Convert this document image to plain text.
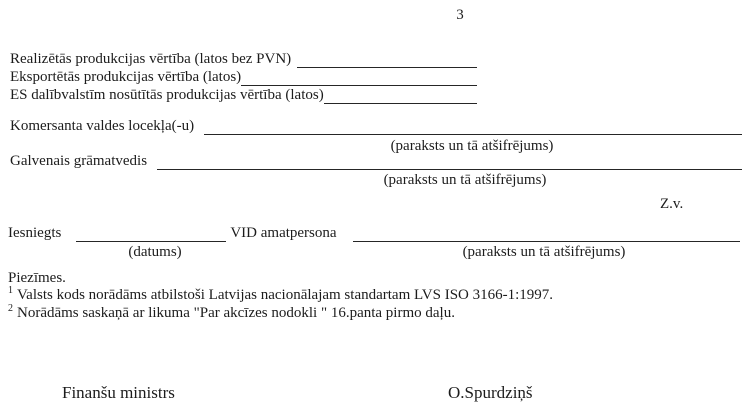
3
Realizētās produkcijas vērtība (latos bez PVN)
Eksportētās produkcijas vērtība (latos)
ES dalībvalstīm nosūtītās produkcijas vērtība (latos)
Komersanta valdes locekļa(-u)
(paraksts un tā atšifrējums)
Galvenais grāmatvedis
(paraksts un tā atšifrējums)
Z.v.
Iesniegts	VID amatpersona
(datums)	(paraksts un tā atšifrējums)
Piezīmes.
$^1$ Valsts kods norādāms atbilstoši Latvijas nacionālajam standartam LVS ISO 3166-1:1997.
$^2$ Norādāms saskaņā ar likuma "Par akcīzes nodokli " 16.panta pirmo daļu.
Finanšu ministrs	O.Spurdziņš
